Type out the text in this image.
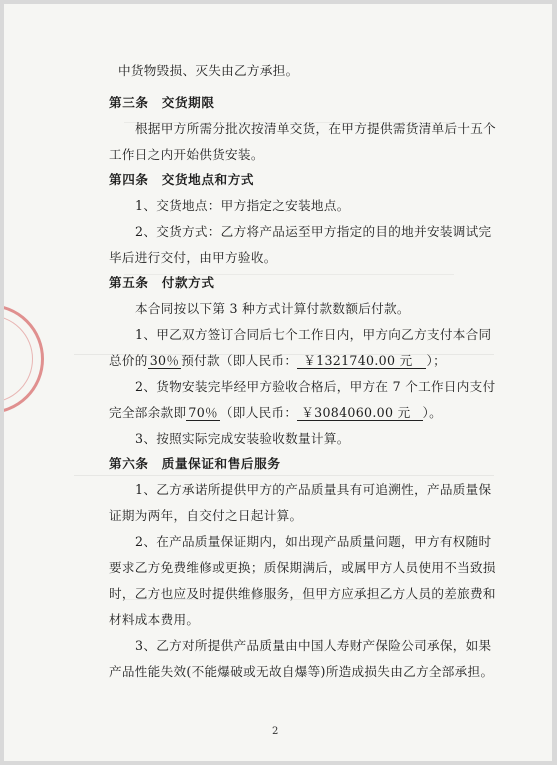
中货物毁损、灭失由乙方承担。
第三条　交货期限
根据甲方所需分批次按清单交货，在甲方提供需货清单后十五个
工作日之内开始供货安装。
第四条　交货地点和方式
1、交货地点：甲方指定之安装地点。
2、交货方式：乙方将产品运至甲方指定的目的地并安装调试完
毕后进行交付，由甲方验收。
第五条　付款方式
本合同按以下第 3 种方式计算付款数额后付款。
1、甲乙双方签订合同后七个工作日内，甲方向乙方支付本合同
总价的 30％ 预付款（即人民币： ￥1321740.00 元 ）；
2、货物安装完毕经甲方验收合格后，甲方在 7 个工作日内支付
完全部余款即 70％ （即人民币： ￥3084060.00 元 ）。
3、按照实际完成安装验收数量计算。
第六条　质量保证和售后服务
1、乙方承诺所提供甲方的产品质量具有可追溯性，产品质量保
证期为两年，自交付之日起计算。
2、在产品质量保证期内，如出现产品质量问题，甲方有权随时
要求乙方免费维修或更换；质保期满后，或属甲方人员使用不当致损
时，乙方也应及时提供维修服务，但甲方应承担乙方人员的差旅费和
材料成本费用。
3、乙方对所提供产品质量由中国人寿财产保险公司承保，如果
产品性能失效(不能爆破或无故自爆等)所造成损失由乙方全部承担。
2
